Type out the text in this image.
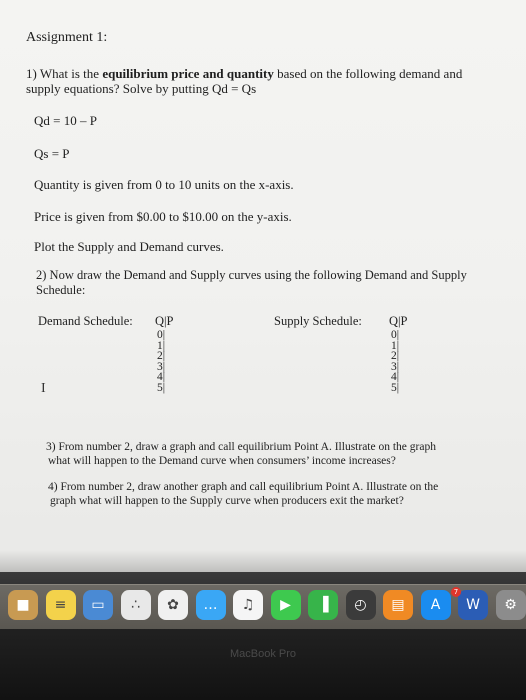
Assignment 1:
1) What is the equilibrium price and quantity based on the following demand and
supply equations? Solve by putting Qd = Qs
Qd = 10 – P
Qs = P
Quantity is given from 0 to 10 units on the x-axis.
Price is given from $0.00 to $10.00 on the y-axis.
Plot the Supply and Demand curves.
2) Now draw the Demand and Supply curves using the following Demand and Supply
Schedule:
Demand Schedule: Q|P
0|
1|
2|
3|
4|
5|
Supply Schedule: Q|P
0|
1|
2|
3|
4|
5|
I
3) From number 2, draw a graph and call equilibrium Point A. Illustrate on the graph
what will happen to the Demand curve when consumers’ income increases?
4) From number 2, draw another graph and call equilibrium Point A. Illustrate on the
graph what will happen to the Supply curve when producers exit the market?
MacBook Pro
■	≡	▭	∴	✿	…	♫	▶	▐	◴	▤	A	W	⚙
7
